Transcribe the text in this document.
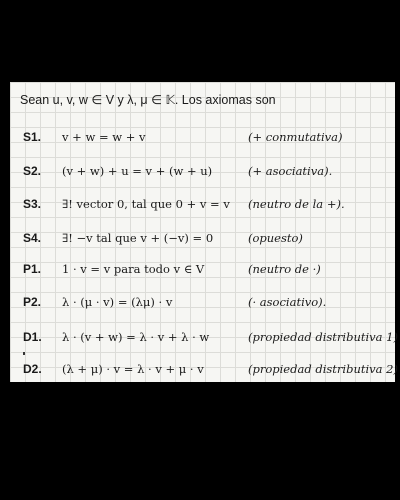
Sean u, v, w ∈ V y λ, μ ∈ 𝕂. Los axiomas son
S1. v + w = w + v	(+ conmutativa)
S2. (v + w) + u = v + (w + u)	(+ asociativa).
S3. ∃! vector 0, tal que 0 + v = v (neutro de la +).
S4. ∃! −v tal que v + (−v) = 0	(opuesto)
P1. 1 · v = v para todo v ∈ V	(neutro de ·)
P2. λ · (μ · v) = (λμ) · v	(· asociativo).
D1. λ · (v + w) = λ · v + λ · w	(propiedad distributiva 1)
D2. (λ + μ) · v = λ · v + μ · v	(propiedad distributiva 2)
